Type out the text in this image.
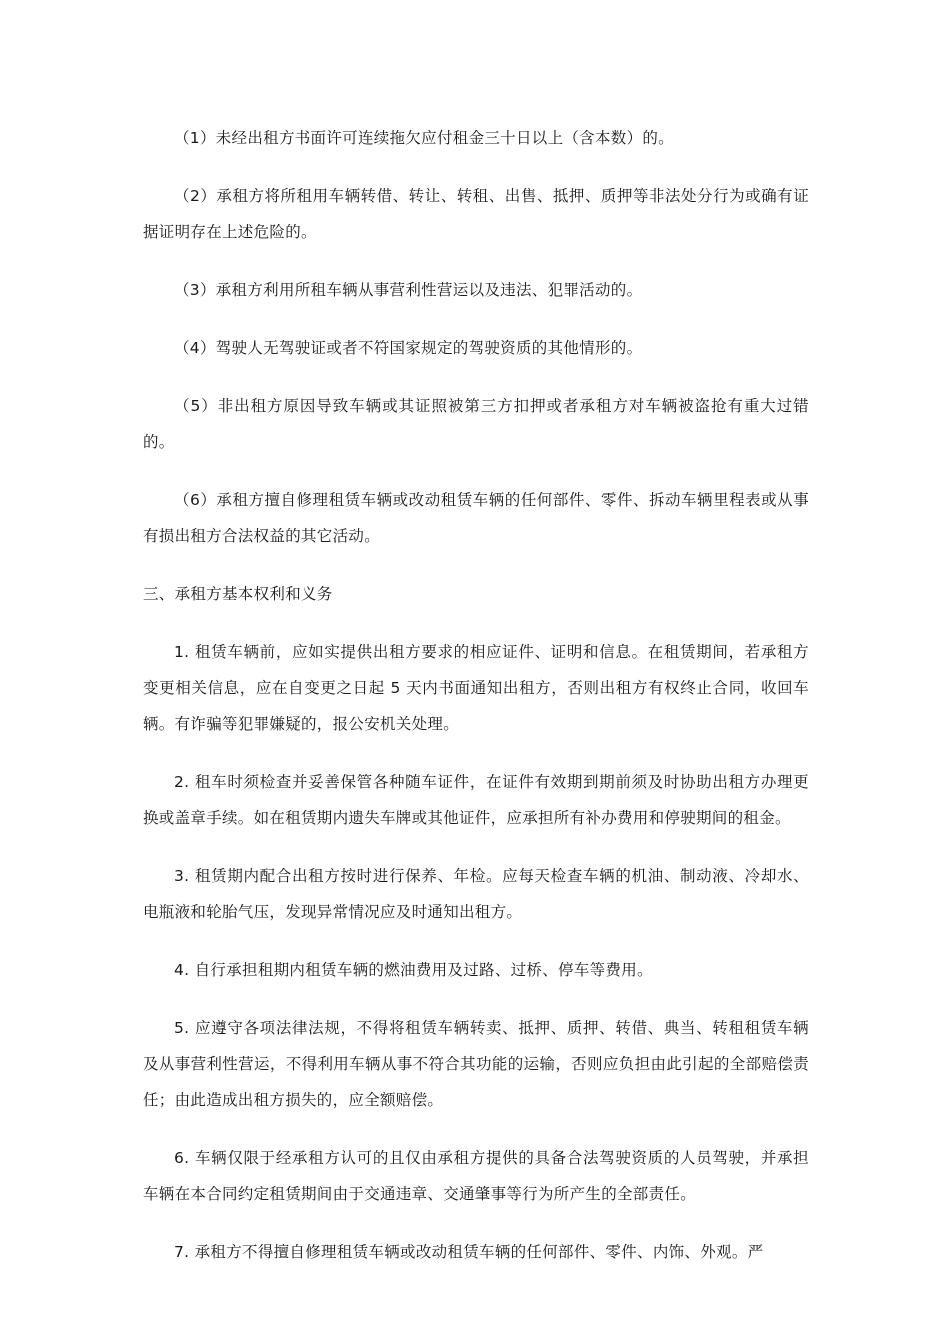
（1）未经出租方书面许可连续拖欠应付租金三十日以上（含本数）的。

（2）承租方将所租用车辆转借、转让、转租、出售、抵押、质押等非法处分行为或确有证据证明存在上述危险的。

（3）承租方利用所租车辆从事营利性营运以及违法、犯罪活动的。

（4）驾驶人无驾驶证或者不符国家规定的驾驶资质的其他情形的。

（5）非出租方原因导致车辆或其证照被第三方扣押或者承租方对车辆被盗抢有重大过错的。

（6）承租方擅自修理租赁车辆或改动租赁车辆的任何部件、零件、拆动车辆里程表或从事有损出租方合法权益的其它活动。

三、承租方基本权利和义务

1. 租赁车辆前，应如实提供出租方要求的相应证件、证明和信息。在租赁期间，若承租方变更相关信息，应在自变更之日起 5 天内书面通知出租方，否则出租方有权终止合同，收回车辆。有诈骗等犯罪嫌疑的，报公安机关处理。

2. 租车时须检查并妥善保管各种随车证件，在证件有效期到期前须及时协助出租方办理更换或盖章手续。如在租赁期内遗失车牌或其他证件，应承担所有补办费用和停驶期间的租金。

3. 租赁期内配合出租方按时进行保养、年检。应每天检查车辆的机油、制动液、冷却水、电瓶液和轮胎气压，发现异常情况应及时通知出租方。

4. 自行承担租期内租赁车辆的燃油费用及过路、过桥、停车等费用。

5. 应遵守各项法律法规，不得将租赁车辆转卖、抵押、质押、转借、典当、转租租赁车辆及从事营利性营运，不得利用车辆从事不符合其功能的运输，否则应负担由此引起的全部赔偿责任；由此造成出租方损失的，应全额赔偿。

6. 车辆仅限于经承租方认可的且仅由承租方提供的具备合法驾驶资质的人员驾驶，并承担车辆在本合同约定租赁期间由于交通违章、交通肇事等行为所产生的全部责任。

7. 承租方不得擅自修理租赁车辆或改动租赁车辆的任何部件、零件、内饰、外观。严
